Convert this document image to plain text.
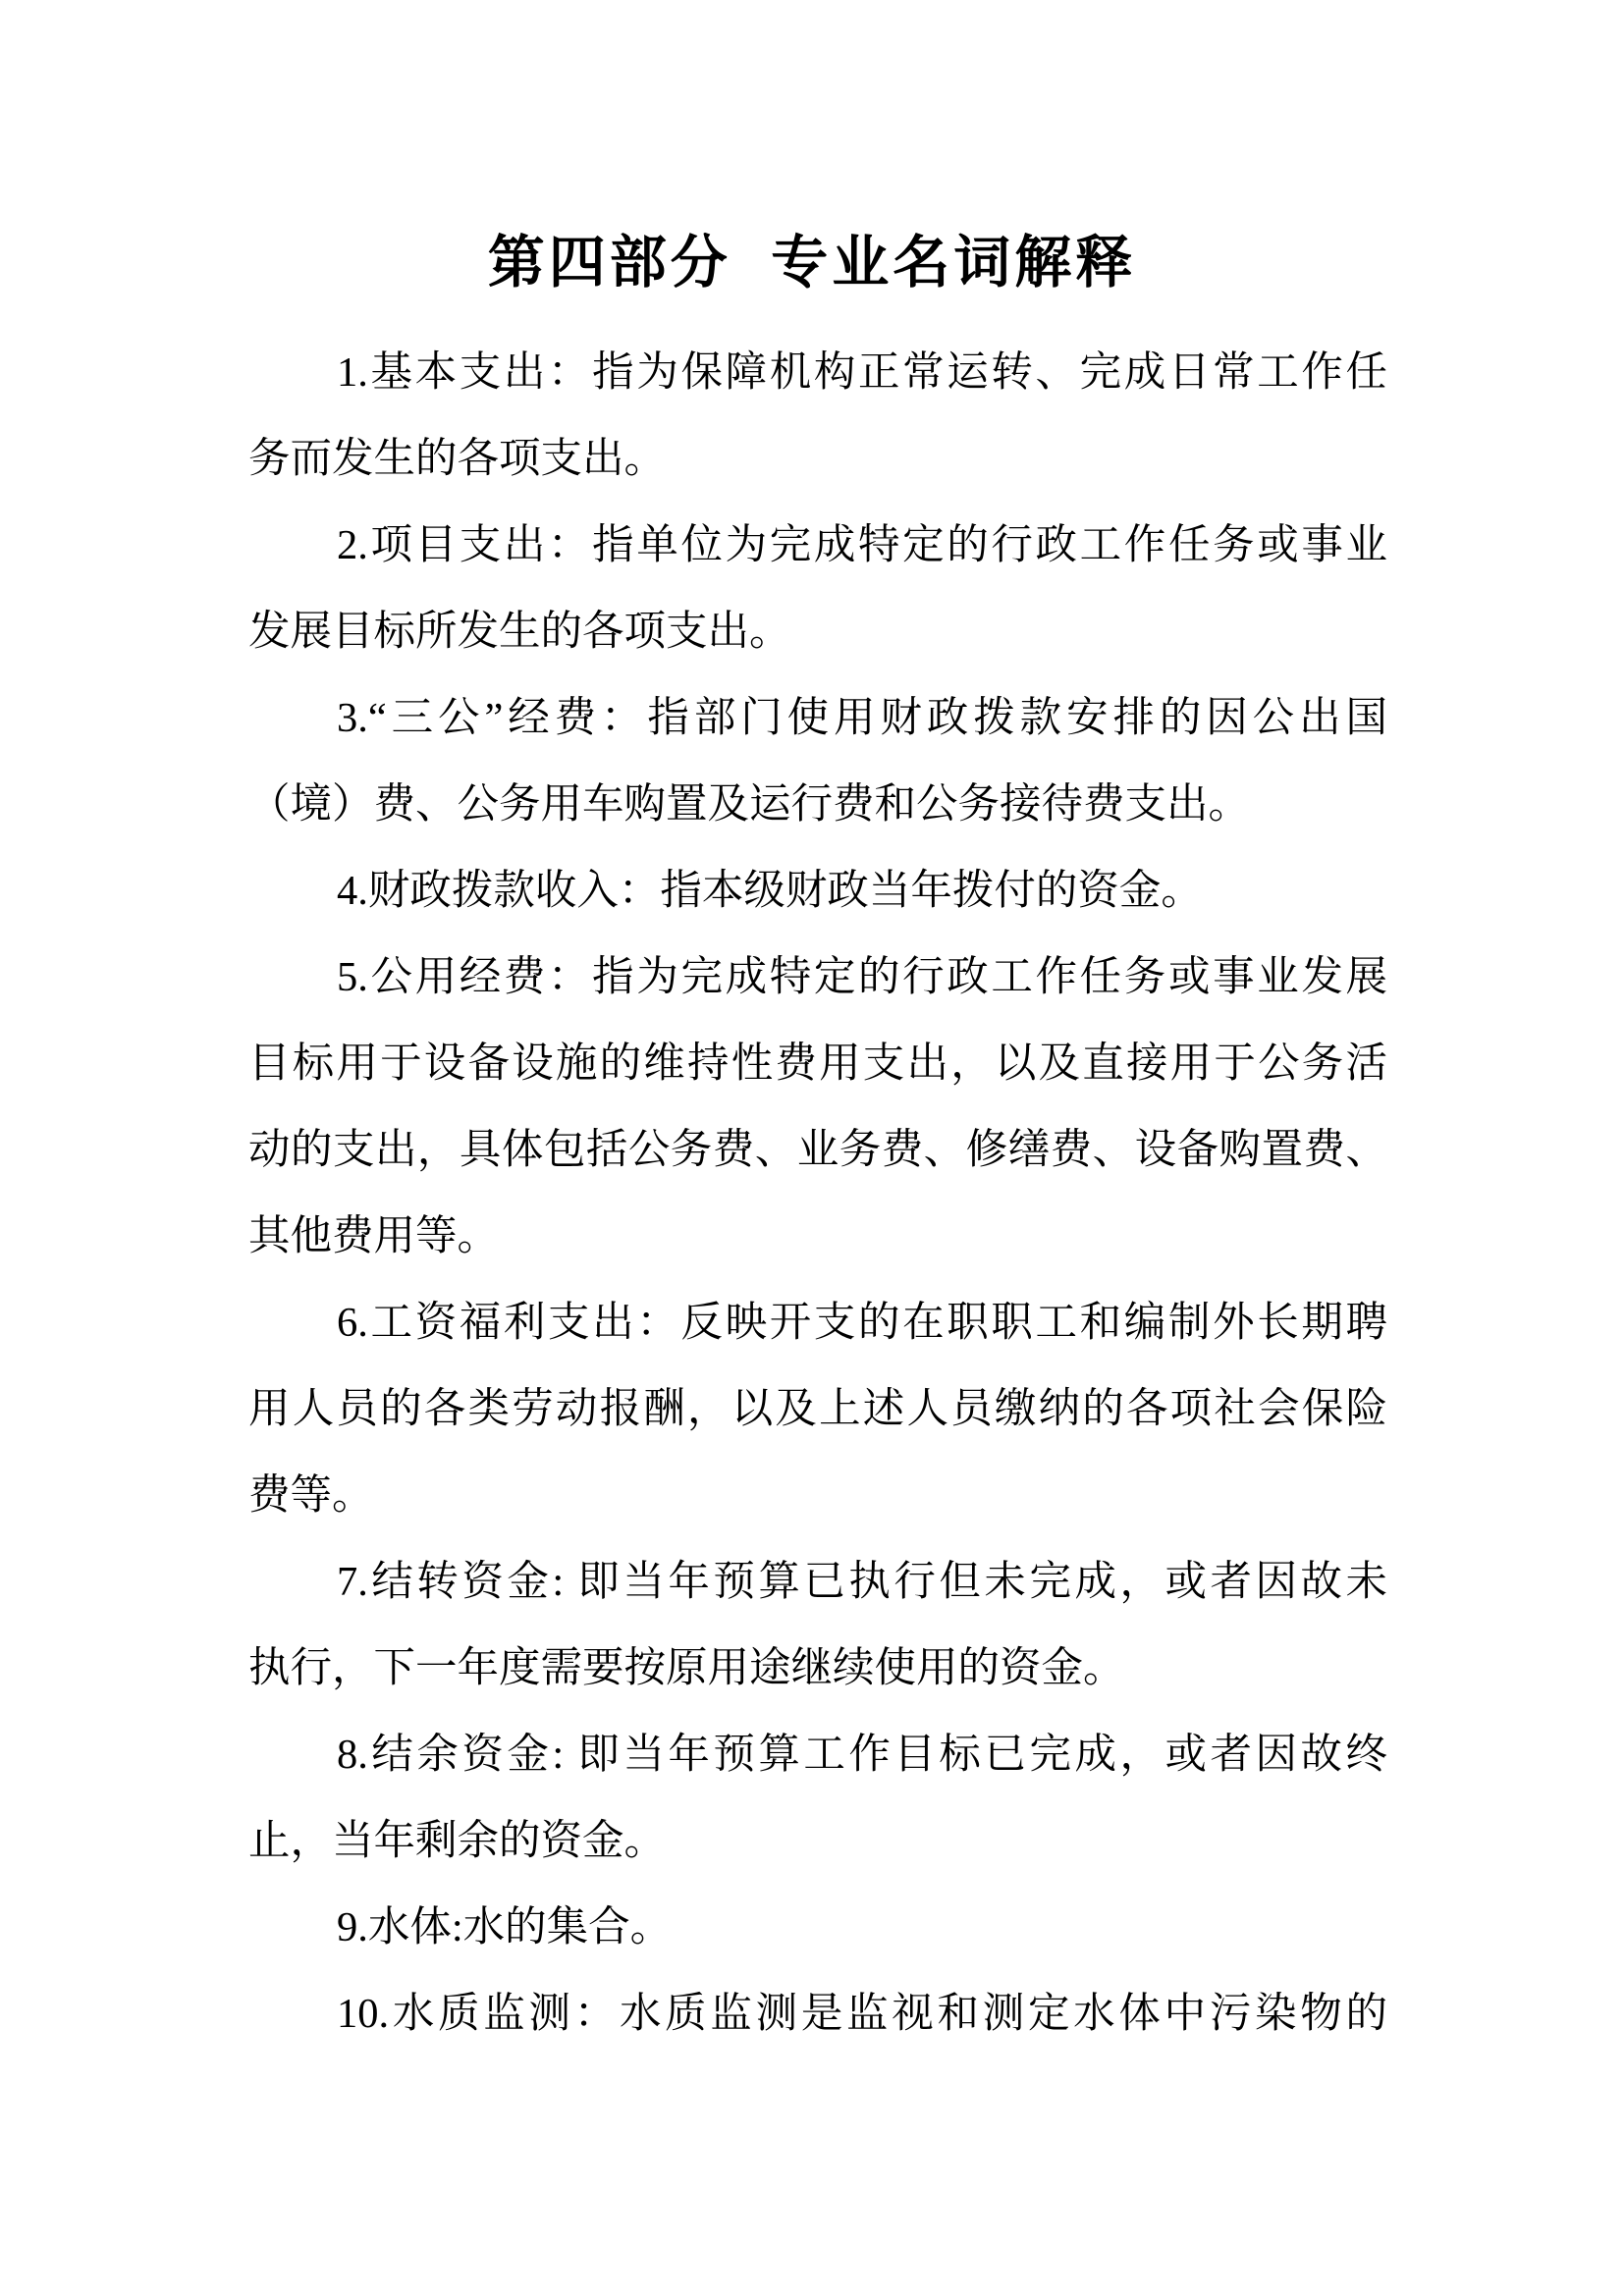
第四部分 专业名词解释
1.基本支出：指为保障机构正常运转、完成日常工作任
务而发生的各项支出。
2.项目支出：指单位为完成特定的行政工作任务或事业
发展目标所发生的各项支出。
3.“三公”经费：指部门使用财政拨款安排的因公出国
（境）费、公务用车购置及运行费和公务接待费支出。
4.财政拨款收入：指本级财政当年拨付的资金。
5.公用经费：指为完成特定的行政工作任务或事业发展
目标用于设备设施的维持性费用支出，以及直接用于公务活
动的支出，具体包括公务费、业务费、修缮费、设备购置费、
其他费用等。
6.工资福利支出：反映开支的在职职工和编制外长期聘
用人员的各类劳动报酬，以及上述人员缴纳的各项社会保险
费等。
7.结转资金: 即当年预算已执行但未完成，或者因故未
执行，下一年度需要按原用途继续使用的资金。
8.结余资金: 即当年预算工作目标已完成，或者因故终
止，当年剩余的资金。
9.水体:水的集合。
10.水质监测：水质监测是监视和测定水体中污染物的
